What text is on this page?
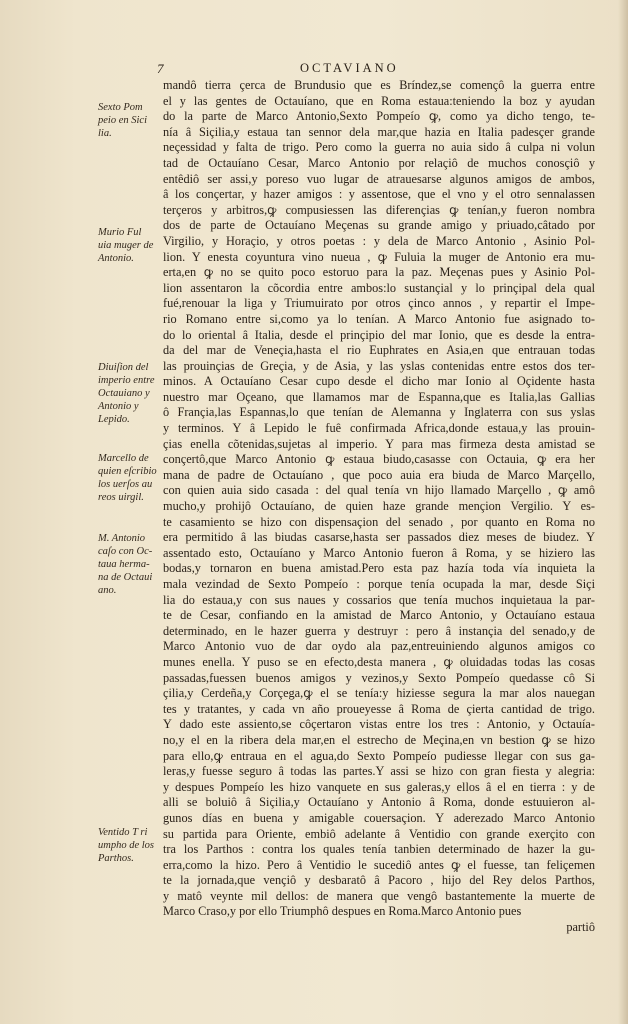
7	OCTAVIANO
mandô tierra çerca de Brundusio que es Bríndez,se començô la guerra entre
el y las gentes de Octauíano, que en Roma estaua:teniendo la boz y ayudan
do la parte de Marco Antonio,Sexto Pompeío ꝙ, como ya dicho tengo, te-
nía â Siçilia,y estaua tan sennor dela mar,que hazia en Italia padesçer grande
neçessidad y falta de trigo. Pero como la guerra no auia sido â culpa ni volun
tad de Octauíano Cesar, Marco Antonio por relaçiô de muchos conosçiô y
entêdiô ser assi,y poreso vuo lugar de atrauesarse algunos amigos de ambos,
â los conçertar, y hazer amigos : y assentose, que el vno y el otro sennalassen
terçeros y arbitros,ꝙ compusiessen las diferençias ꝙ tenían,y fueron nombra
dos de parte de Octauíano Meçenas su grande amigo y priuado,câtado por
Virgilio, y Horaçio, y otros poetas : y dela de Marco Antonio , Asinio Pol-
lion. Y enesta coyuntura vino nueua , ꝙ Fuluia la muger de Antonio era mu-
erta,en ꝙ no se quito poco estoruo para la paz. Meçenas pues y Asinio Pol-
lion assentaron la cõcordia entre ambos:lo sustançial y lo prinçipal dela qual
fué,renouar la liga y Triumuirato por otros çinco annos , y repartir el Impe-
rio Romano entre si,como ya lo tenían. A Marco Antonio fue asignado to-
do lo oriental â Italia, desde el prinçipio del mar Ionio, que es desde la entra-
da del mar de Veneçia,hasta el rio Euphrates en Asia,en que entrauan todas
las prouinçias de Greçia, y de Asia, y las yslas contenidas entre estos dos ter-
minos. A Octauíano Cesar cupo desde el dicho mar Ionio al Oçidente hasta
nuestro mar Oçeano, que llamamos mar de Espanna,que es Italia,las Gallias
ô Françia,las Espannas,lo que tenían de Alemanna y Inglaterra con sus yslas
y terminos. Y â Lepido le fuê confirmada Africa,donde estaua,y las prouin-
çias enella cõtenidas,sujetas al imperio. Y para mas firmeza desta amistad se
conçertô,que Marco Antonio ꝙ estaua biudo,casasse con Octauia, ꝙ era her
mana de padre de Octauíano , que poco auia era biuda de Marco Marçello,
con quien auia sido casada : del qual tenía vn hijo llamado Marçello , ꝙ amô
mucho,y prohijô Octauíano, de quien haze grande mençion Vergilio. Y es-
te casamiento se hizo con dispensaçion del senado , por quanto en Roma no
era permitido â las biudas casarse,hasta ser passados diez meses de biudez. Y
assentado esto, Octauíano y Marco Antonio fueron â Roma, y se hiziero las
bodas,y tornaron en buena amistad.Pero esta paz hazía toda vía inquieta la
mala vezindad de Sexto Pompeío : porque tenía ocupada la mar, desde Siçi
lia do estaua,y con sus naues y cossarios que tenía muchos inquietaua la par-
te de Cesar, confiando en la amistad de Marco Antonio, y Octauíano estaua
determinado, en le hazer guerra y destruyr : pero â instançia del senado,y de
Marco Antonio vuo de dar oydo ala paz,entreuiniendo algunos amigos co
munes enella. Y puso se en efecto,desta manera , ꝙ oluidadas todas las cosas
passadas,fuessen buenos amigos y vezinos,y Sexto Pompeío quedasse cô Si
çilia,y Cerdeña,y Corçega,ꝙ el se tenía:y hiziesse segura la mar alos nauegan
tes y tratantes, y cada vn año proueyesse â Roma de çierta cantidad de trigo.
Y dado este assiento,se côçertaron vistas entre los tres : Antonio, y Octauía-
no,y el en la ribera dela mar,en el estrecho de Meçina,en vn bestion ꝙ se hizo
para ello,ꝙ entraua en el agua,do Sexto Pompeío pudiesse llegar con sus ga-
leras,y fuesse seguro â todas las partes.Y assi se hizo con gran fiesta y alegria:
y despues Pompeío les hizo vanquete en sus galeras,y ellos â el en tierra : y de
alli se boluiô â Siçilia,y Octauíano y Antonio â Roma, donde estuuieron al-
gunos días en buena y amigable couersaçion. Y aderezado Marco Antonio
su partida para Oriente, embiô adelante â Ventidio con grande exerçito con
tra los Parthos : contra los quales tenía tanbien determinado de hazer la gu-
erra,como la hizo. Pero â Ventidio le sucediô antes ꝙ el fuesse, tan feliçemen
te la jornada,que vençiô y desbaratô â Pacoro , hijo del Rey delos Parthos,
y matô veynte mil dellos: de manera que vengô bastantemente la muerte de
Marco Craso,y por ello Triumphô despues en Roma.Marco Antonio pues
partiô
Sexto Pom
peio en Sici
lia.
Murio Ful
uia muger de
Antonio.
Diuiſion del
imperio entre
Octauiano y
Antonio y
Lepido.
Marcello de
quien eſcribio
los uerſos au
reos uirgil.
M. Antonio
caſo con Oc-
taua herma-
na de Octaui
ano.
Ventido T ri
umpho de los
Parthos.
